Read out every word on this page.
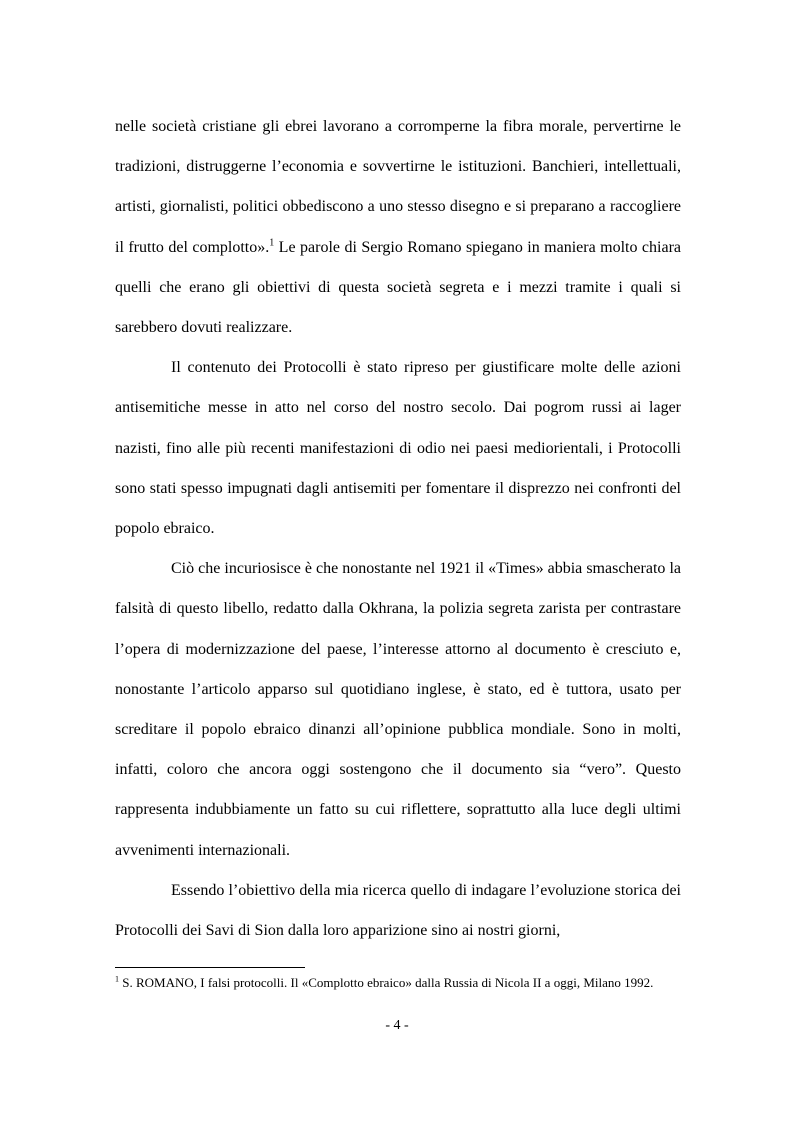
nelle società cristiane gli ebrei lavorano a corromperne la fibra morale, pervertirne le tradizioni, distruggerne l’economia e sovvertirne le istituzioni. Banchieri, intellettuali, artisti, giornalisti, politici obbediscono a uno stesso disegno e si preparano a raccogliere il frutto del complotto».$^1$ Le parole di Sergio Romano spiegano in maniera molto chiara quelli che erano gli obiettivi di questa società segreta e i mezzi tramite i quali si sarebbero dovuti realizzare.

Il contenuto dei Protocolli è stato ripreso per giustificare molte delle azioni antisemitiche messe in atto nel corso del nostro secolo. Dai pogrom russi ai lager nazisti, fino alle più recenti manifestazioni di odio nei paesi mediorientali, i Protocolli sono stati spesso impugnati dagli antisemiti per fomentare il disprezzo nei confronti del popolo ebraico.

Ciò che incuriosisce è che nonostante nel 1921 il «Times» abbia smascherato la falsità di questo libello, redatto dalla Okhrana, la polizia segreta zarista per contrastare l’opera di modernizzazione del paese, l’interesse attorno al documento è cresciuto e, nonostante l’articolo apparso sul quotidiano inglese, è stato, ed è tuttora, usato per screditare il popolo ebraico dinanzi all’opinione pubblica mondiale. Sono in molti, infatti, coloro che ancora oggi sostengono che il documento sia “vero”. Questo rappresenta indubbiamente un fatto su cui riflettere, soprattutto alla luce degli ultimi avvenimenti internazionali.

Essendo l’obiettivo della mia ricerca quello di indagare l’evoluzione storica dei Protocolli dei Savi di Sion dalla loro apparizione sino ai nostri giorni,

$^1$ S. ROMANO, I falsi protocolli. Il «Complotto ebraico» dalla Russia di Nicola II a oggi, Milano 1992.

- 4 -
